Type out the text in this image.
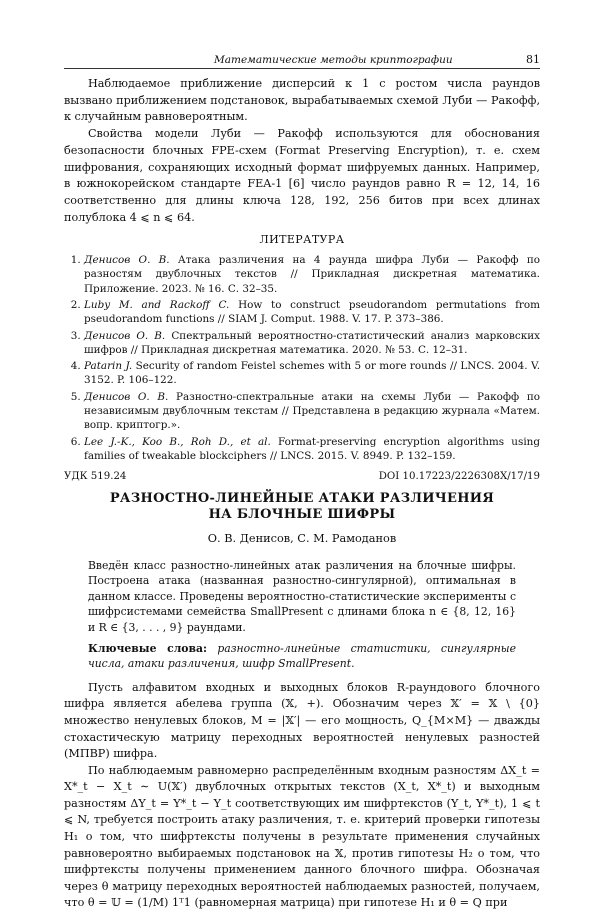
Математические методы криптографии	81

Наблюдаемое приближение дисперсий к 1 с ростом числа раундов вызвано приближением подстановок, вырабатываемых схемой Луби — Ракофф, к случайным равновероятным.

Свойства модели Луби — Ракофф используются для обоснования безопасности блочных FPE-схем (Format Preserving Encryption), т. е. схем шифрования, сохраняющих исходный формат шифруемых данных. Например, в южнокорейском стандарте FEA-1 [6] число раундов равно R = 12, 14, 16 соответственно для длины ключа 128, 192, 256 битов при всех длинах полублока 4 ⩽ n ⩽ 64.

ЛИТЕРАТУРА
1. Денисов О. В. Атака различения на 4 раунда шифра Луби — Ракофф по разностям двублочных текстов // Прикладная дискретная математика. Приложение. 2023. № 16. С. 32–35.
2. Luby M. and Rackoff C. How to construct pseudorandom permutations from pseudorandom functions // SIAM J. Comput. 1988. V. 17. P. 373–386.
3. Денисов О. В. Спектральный вероятностно-статистический анализ марковских шифров // Прикладная дискретная математика. 2020. № 53. С. 12–31.
4. Patarin J. Security of random Feistel schemes with 5 or more rounds // LNCS. 2004. V. 3152. P. 106–122.
5. Денисов О. В. Разностно-спектральные атаки на схемы Луби — Ракофф по независимым двублочным текстам // Представлена в редакцию журнала «Матем. вопр. криптогр.».
6. Lee J.-K., Koo B., Roh D., et al. Format-preserving encryption algorithms using families of tweakable blockciphers // LNCS. 2015. V. 8949. P. 132–159.
УДК 519.24	DOI 10.17223/2226308X/17/19
РАЗНОСТНО-ЛИНЕЙНЫЕ АТАКИ РАЗЛИЧЕНИЯ
НА БЛОЧНЫЕ ШИФРЫ
О. В. Денисов, С. М. Рамоданов

Введён класс разностно-линейных атак различения на блочные шифры. Построена атака (названная разностно-сингулярной), оптимальная в данном классе. Проведены вероятностно-статистические эксперименты с шифрсистемами семейства SmallPresent с длинами блока n ∈ {8, 12, 16} и R ∈ {3, . . . , 9} раундами.

Ключевые слова: разностно-линейные статистики, сингулярные числа, атаки различения, шифр SmallPresent.

Пусть алфавитом входных и выходных блоков R-раундового блочного шифра является абелева группа (𝕏, +). Обозначим через 𝕏′ = 𝕏 \ {0} множество ненулевых блоков, M = |𝕏′| — его мощность, Q_{M×M} — дважды стохастическую матрицу переходных вероятностей ненулевых разностей (МПВР) шифра.

По наблюдаемым равномерно распределённым входным разностям ΔX_t = X*_t − X_t ∼ U(𝕏′) двублочных открытых текстов (X_t, X*_t) и выходным разностям ΔY_t = Y*_t − Y_t соответствующих им шифртекстов (Y_t, Y*_t), 1 ⩽ t ⩽ N, требуется построить атаку различения, т. е. критерий проверки гипотезы H₁ о том, что шифртексты получены в результате применения случайных равновероятно выбираемых подстановок на 𝕏, против гипотезы H₂ о том, что шифртексты получены применением данного блочного шифра. Обозначая через θ матрицу переходных вероятностей наблюдаемых разностей, получаем, что θ = 𝕌 = (1/M) 1ᵀ1 (равномерная матрица) при гипотезе H₁ и θ = Q при
